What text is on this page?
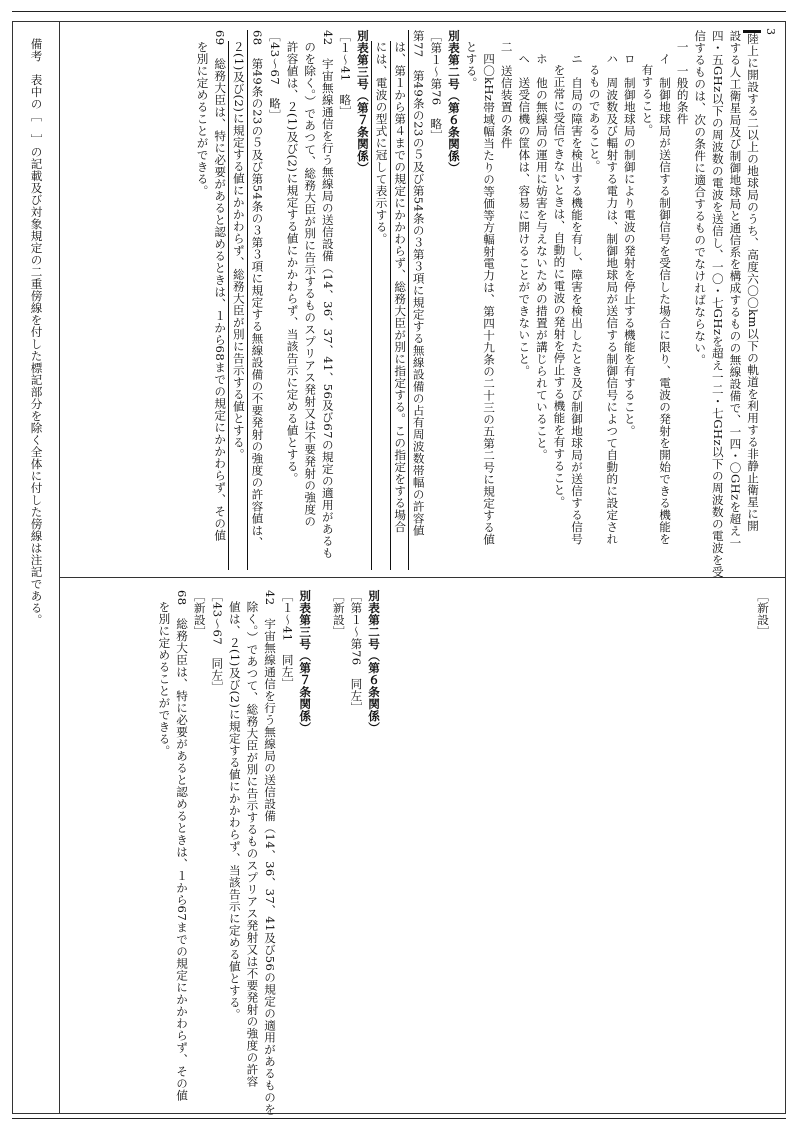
備考　表中の［　］の記載及び対象規定の二重傍線を付した標記部分を除く全体に付した傍線は注記である。
3
陸上に開設する二以上の地球局のうち、高度六〇〇km以下の軌道を利用する非静止衛星に開
設する人工衛星局及び制御地球局と通信系を構成するものの無線設備で、一四・〇GHzを超え一
四・五GHz以下の周波数の電波を送信し、一〇・七GHzを超え一二・七GHz以下の周波数の電波を受
信するものは、次の条件に適合するものでなければならない。
一　一般的条件
イ　制御地球局が送信する制御信号を受信した場合に限り、電波の発射を開始できる機能を
有すること。
ロ　制御地球局の制御により電波の発射を停止する機能を有すること。
ハ　周波数及び輻射する電力は、制御地球局が送信する制御信号によつて自動的に設定され
るものであること。
ニ　自局の障害を検出する機能を有し、障害を検出したとき及び制御地球局が送信する信号
を正常に受信できないときは、自動的に電波の発射を停止する機能を有すること。
ホ　他の無線局の運用に妨害を与えないための措置が講じられていること。
ヘ　送受信機の筐体は、容易に開けることができないこと。
二　送信装置の条件
四〇kHz帯域幅当たりの等価等方輻射電力は、第四十九条の二十三の五第二号に規定する値
とする。
別表第二号（第６条関係）
［第１～第76　略］
第77　第49条の23の５及び第54条の３第３項に規定する無線設備の占有周波数帯幅の許容値
は、第１から第４までの規定にかかわらず、総務大臣が別に指定する。この指定をする場合
には、電波の型式に冠して表示する。
別表第三号（第７条関係）
［１～41　略］
42　宇宙無線通信を行う無線局の送信設備（14、36、37、41、56及び67の規定の適用があるも
のを除く。）であつて、総務大臣が別に告示するものスプリアス発射又は不要発射の強度の
許容値は、２(1)及び(2)に規定する値にかかわらず、当該告示に定める値とする。
［43～67　略］
68　第49条の23の５及び第54条の３第３項に規定する無線設備の不要発射の強度の許容値は、
２(1)及び(2)に規定する値にかかわらず、総務大臣が別に告示する値とする。
69　総務大臣は、特に必要があると認めるときは、１から68までの規定にかかわらず、その値
を別に定めることができる。
［新設］
別表第二号（第６条関係）
［第１～第76　同左］
［新設］
別表第三号（第７条関係）
［１～41　同左］
42　宇宙無線通信を行う無線局の送信設備（14、36、37、41及び56の規定の適用があるものを
除く。）であつて、総務大臣が別に告示するものスプリアス発射又は不要発射の強度の許容
値は、２(1)及び(2)に規定する値にかかわらず、当該告示に定める値とする。
［43～67　同左］
［新設］
68　総務大臣は、特に必要があると認めるときは、１から67までの規定にかかわらず、その値
を別に定めることができる。
